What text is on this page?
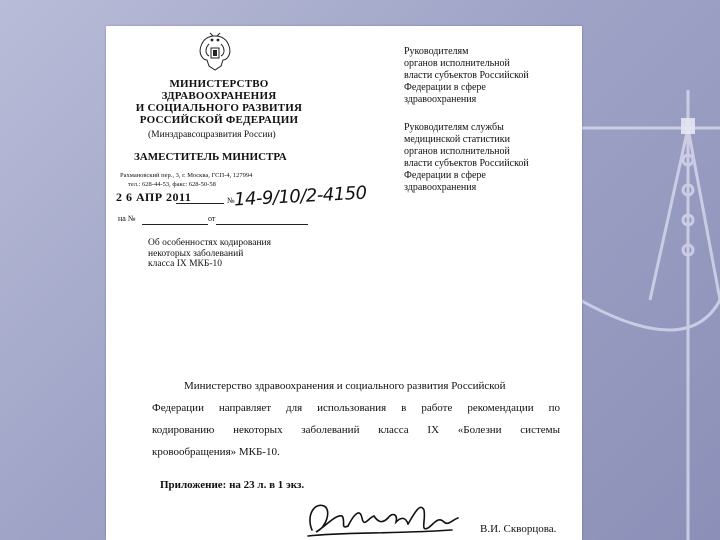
МИНИСТЕРСТВО
ЗДРАВООХРАНЕНИЯ
И СОЦИАЛЬНОГО РАЗВИТИЯ
РОССИЙСКОЙ ФЕДЕРАЦИИ
(Минздравсоцразвития России)
ЗАМЕСТИТЕЛЬ МИНИСТРА
Рахмановский пер., 3, г. Москва, ГСП-4, 127994
тел.: 628-44-53, факс: 628-50-58
2 6 АПР 2011	№
14-9/10/2-4150
на №	от
Об особенностях кодирования
некоторых заболеваний
класса IX МКБ-10
Руководителям
органов исполнительной
власти субъектов Российской
Федерации в сфере
здравоохранения
Руководителям службы
медицинской статистики
органов исполнительной
власти субъектов Российской
Федерации в сфере
здравоохранения
Министерство здравоохранения и социального развития Российской
Федерации направляет для использования в работе рекомендации по
кодированию некоторых заболеваний класса IX «Болезни системы
кровообращения» МКБ-10.
Приложение: на 23 л. в 1 экз.
В.И. Скворцова.
